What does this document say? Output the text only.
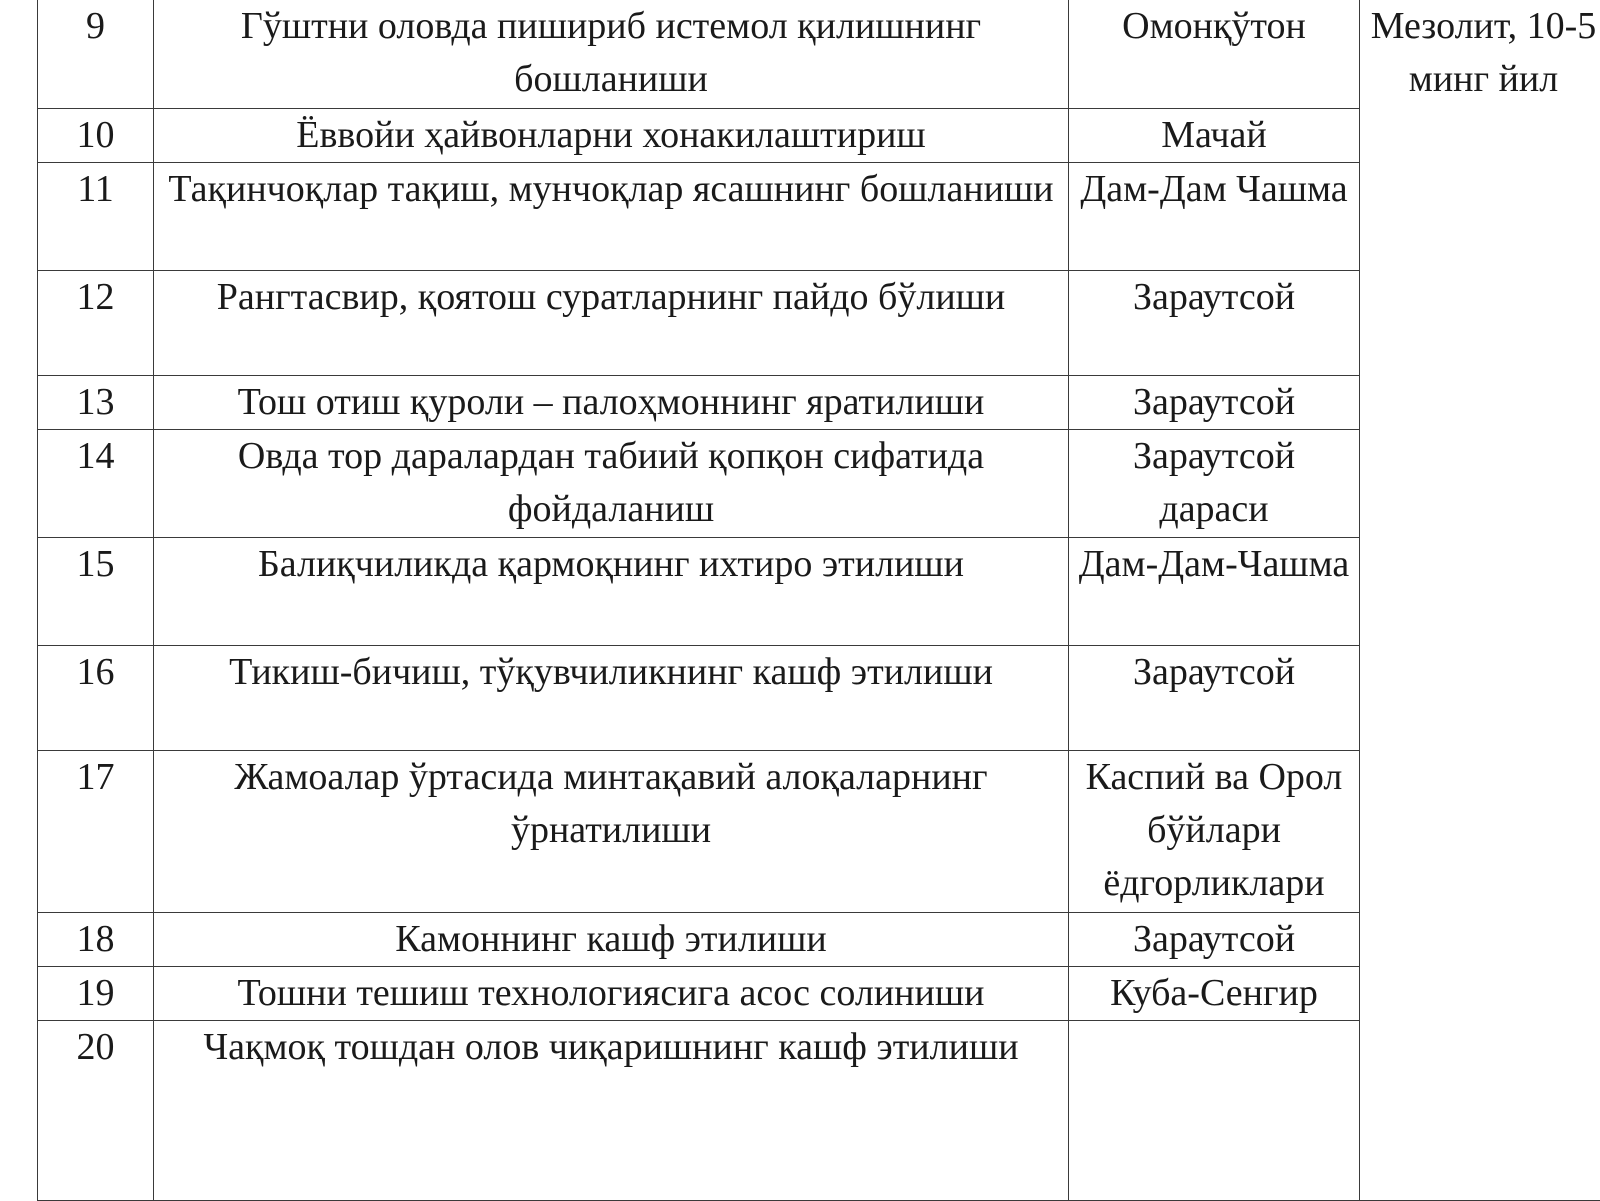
9	Гўштни оловда пишириб истемол қилишнинг бошланиши	Омонқўтон	Мезолит, 10-5 минг йил
10	Ёввойи ҳайвонларни хонакилаштириш	Мачай	
11	Тақинчоқлар тақиш, мунчоқлар ясашнинг бошланиши	Дам-Дам Чашма	
12	Рангтасвир, қоятош суратларнинг пайдо бўлиши	Зараутсой	
13	Тош отиш қуроли – палоҳмоннинг яратилиши	Зараутсой	
14	Овда тор даралардан табиий қопқон сифатида фойдаланиш	Зараутсой дараси	
15	Балиқчиликда қармоқнинг ихтиро этилиши	Дам-Дам-Чашма	
16	Тикиш-бичиш, тўқувчиликнинг кашф этилиши	Зараутсой	
17	Жамоалар ўртасида минтақавий алоқаларнинг ўрнатилиши	Каспий ва Орол бўйлари ёдгорликлари	
18	Камоннинг кашф этилиши	Зараутсой	
19	Тошни тешиш технологиясига асос солиниши	Куба-Сенгир	
20	Чақмоқ тошдан олов чиқаришнинг кашф этилиши		
